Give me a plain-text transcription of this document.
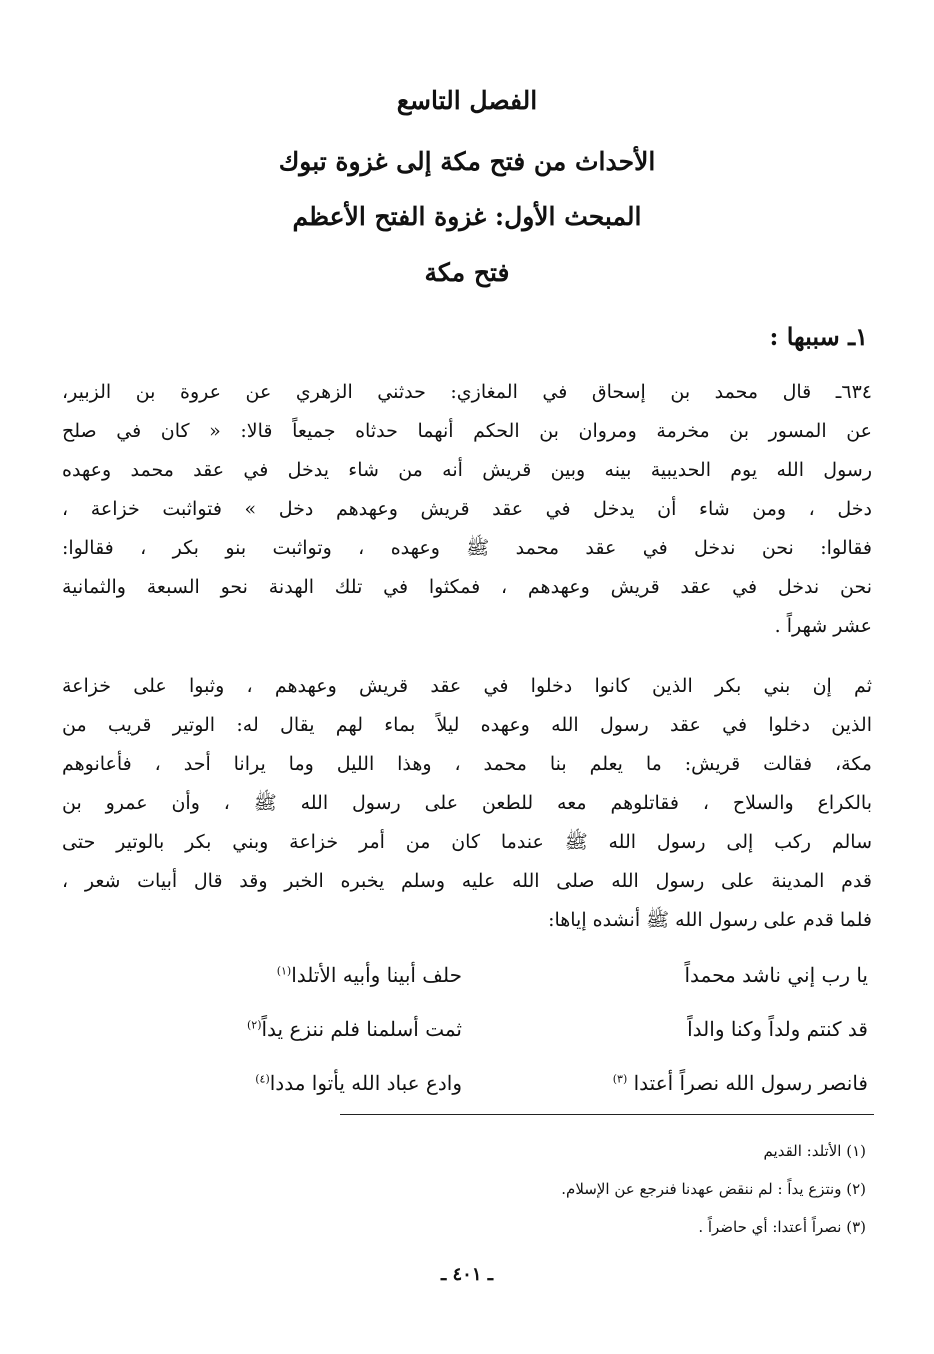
الفصل التاسع
الأحداث من فتح مكة إلى غزوة تبوك
المبحث الأول: غزوة الفتح الأعظم
فتح مكة
١ـ سببها :
٦٣٤ـ قال محمد بن إسحاق في المغازي: حدثني الزهري عن عروة بن الزبير،
عن المسور بن مخرمة ومروان بن الحكم أنهما حدثاه جميعاً قالا: « كان في صلح
رسول الله يوم الحديبية بينه وبين قريش أنه من شاء يدخل في عقد محمد وعهده
دخل ، ومن شاء أن يدخل في عقد قريش وعهدهم دخل » فتواثبت خزاعة ،
فقالوا: نحن ندخل في عقد محمد ﷺ وعهده ، وتواثبت بنو بكر ، فقالوا:
نحن ندخل في عقد قريش وعهدهم ، فمكثوا في تلك الهدنة نحو السبعة والثمانية
عشر شهراً .
ثم إن بني بكر الذين كانوا دخلوا في عقد قريش وعهدهم ، وثبوا على خزاعة
الذين دخلوا في عقد رسول الله وعهده ليلاً بماء لهم يقال له: الوتير قريب من
مكة، فقالت قريش: ما يعلم بنا محمد ، وهذا الليل وما يرانا أحد ، فأعانوهم
بالكراع والسلاح ، فقاتلوهم معه للطعن على رسول الله ﷺ ، وأن عمرو بن
سالم ركب إلى رسول الله ﷺ عندما كان من أمر خزاعة وبني بكر بالوتير حتى
قدم المدينة على رسول الله صلى الله عليه وسلم يخبره الخبر وقد قال أبيات شعر ،
فلما قدم على رسول الله ﷺ أنشده إياها:
يا رب إني ناشد محمداً
حلف أبينا وأبيه الأتلدا$^{(١)}$
قد كنتم ولداً وكنا والداً
ثمت أسلمنا فلم ننزع يداً$^{(٢)}$
فانصر رسول الله نصراً أعتدا $^{(٣)}$
وادع عباد الله يأتوا مددا$^{(٤)}$
(١) الأتلد: القديم
(٢) ونتزع يداً : لم ننقض عهدنا فنرجع عن الإسلام.
(٣) نصراً أعتدا: أي حاضراً .
ـ ٤٠١ ـ
